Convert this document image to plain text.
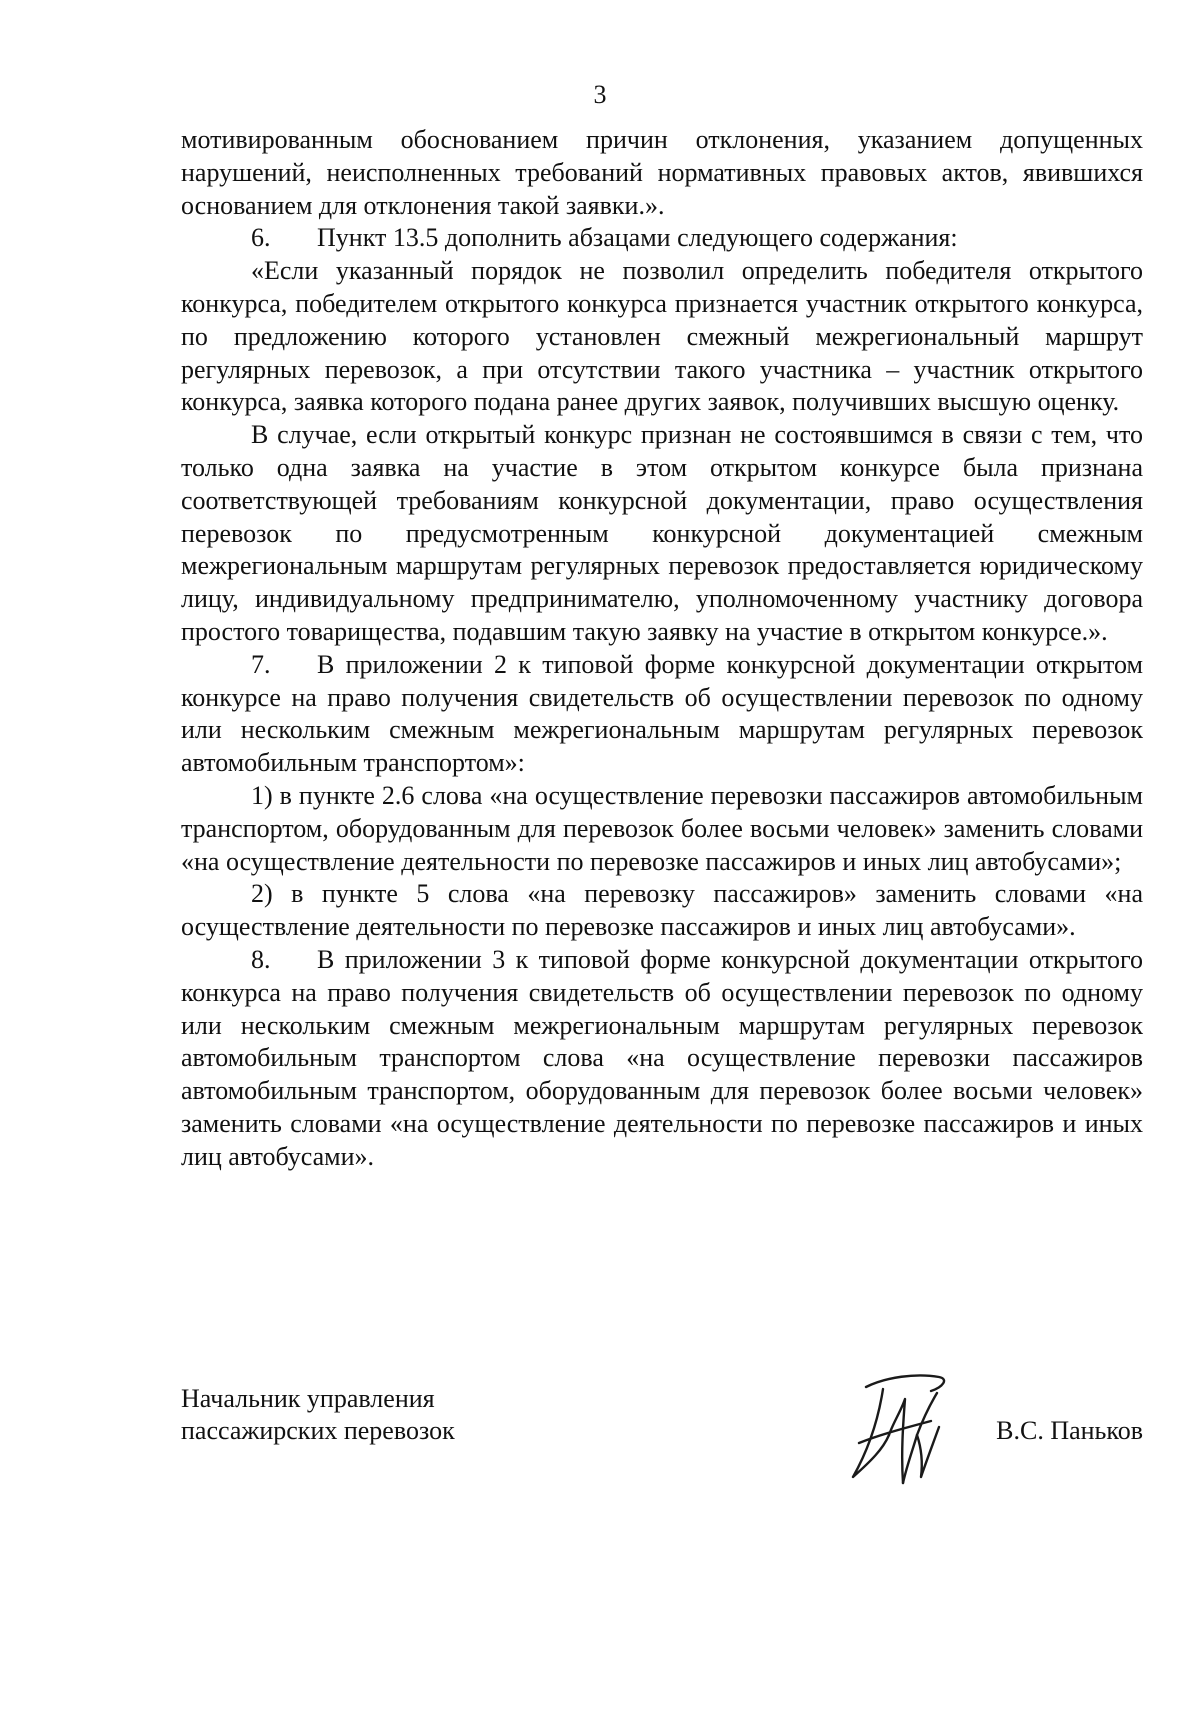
3

мотивированным обоснованием причин отклонения, указанием допущенных нарушений, неисполненных требований нормативных правовых актов, явившихся основанием для отклонения такой заявки.».

6. Пункт 13.5 дополнить абзацами следующего содержания:

«Если указанный порядок не позволил определить победителя открытого конкурса, победителем открытого конкурса признается участник открытого конкурса, по предложению которого установлен смежный межрегиональный маршрут регулярных перевозок, а при отсутствии такого участника – участник открытого конкурса, заявка которого подана ранее других заявок, получивших высшую оценку.

В случае, если открытый конкурс признан не состоявшимся в связи с тем, что только одна заявка на участие в этом открытом конкурсе была признана соответствующей требованиям конкурсной документации, право осуществления перевозок по предусмотренным конкурсной документацией смежным межрегиональным маршрутам регулярных перевозок предоставляется юридическому лицу, индивидуальному предпринимателю, уполномоченному участнику договора простого товарищества, подавшим такую заявку на участие в открытом конкурсе.».

7. В приложении 2 к типовой форме конкурсной документации открытом конкурсе на право получения свидетельств об осуществлении перевозок по одному или нескольким смежным межрегиональным маршрутам регулярных перевозок автомобильным транспортом»:

1) в пункте 2.6 слова «на осуществление перевозки пассажиров автомобильным транспортом, оборудованным для перевозок более восьми человек» заменить словами «на осуществление деятельности по перевозке пассажиров и иных лиц автобусами»;

2) в пункте 5 слова «на перевозку пассажиров» заменить словами «на осуществление деятельности по перевозке пассажиров и иных лиц автобусами».

8. В приложении 3 к типовой форме конкурсной документации открытого конкурса на право получения свидетельств об осуществлении перевозок по одному или нескольким смежным межрегиональным маршрутам регулярных перевозок автомобильным транспортом слова «на осуществление перевозки пассажиров автомобильным транспортом, оборудованным для перевозок более восьми человек» заменить словами «на осуществление деятельности по перевозке пассажиров и иных лиц автобусами».

Начальник управления
пассажирских перевозок	В.С. Паньков
